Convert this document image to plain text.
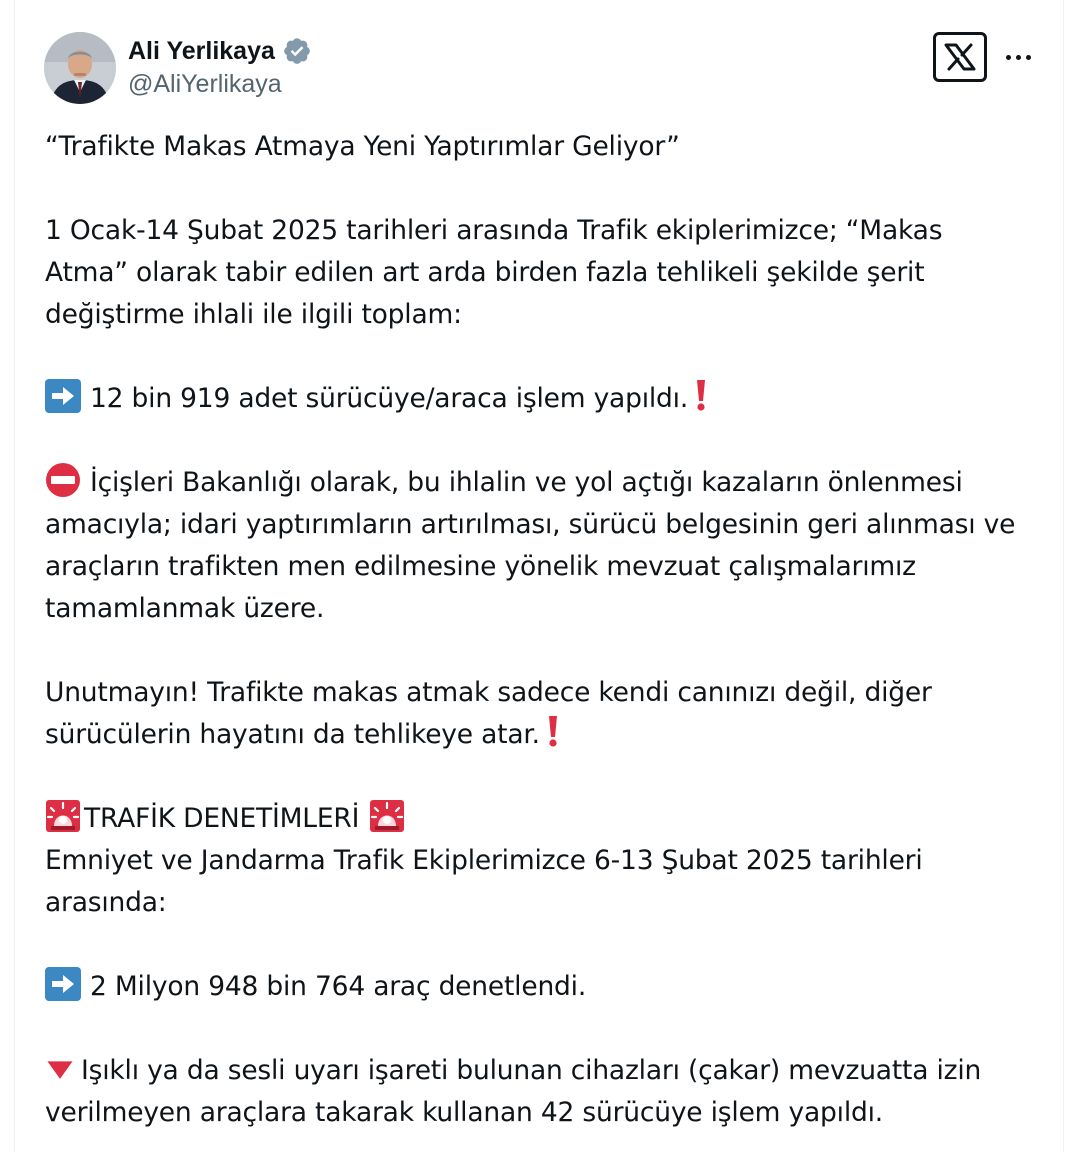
Ali Yerlikaya
@AliYerlikaya
“Trafikte Makas Atmaya Yeni Yaptırımlar Geliyor”
1 Ocak-14 Şubat 2025 tarihleri arasında Trafik ekiplerimizce; “Makas
Atma” olarak tabir edilen art arda birden fazla tehlikeli şekilde şerit
değiştirme ihlali ile ilgili toplam:
12 bin 919 adet sürücüye/araca işlem yapıldı.
İçişleri Bakanlığı olarak, bu ihlalin ve yol açtığı kazaların önlenmesi
amacıyla; idari yaptırımların artırılması, sürücü belgesinin geri alınması ve
araçların trafikten men edilmesine yönelik mevzuat çalışmalarımız
tamamlanmak üzere.
Unutmayın! Trafikte makas atmak sadece kendi canınızı değil, diğer
sürücülerin hayatını da tehlikeye atar.
TRAFİK DENETİMLERİ
Emniyet ve Jandarma Trafik Ekiplerimizce 6-13 Şubat 2025 tarihleri
arasında:
2 Milyon 948 bin 764 araç denetlendi.
Işıklı ya da sesli uyarı işareti bulunan cihazları (çakar) mevzuatta izin
verilmeyen araçlara takarak kullanan 42 sürücüye işlem yapıldı.
